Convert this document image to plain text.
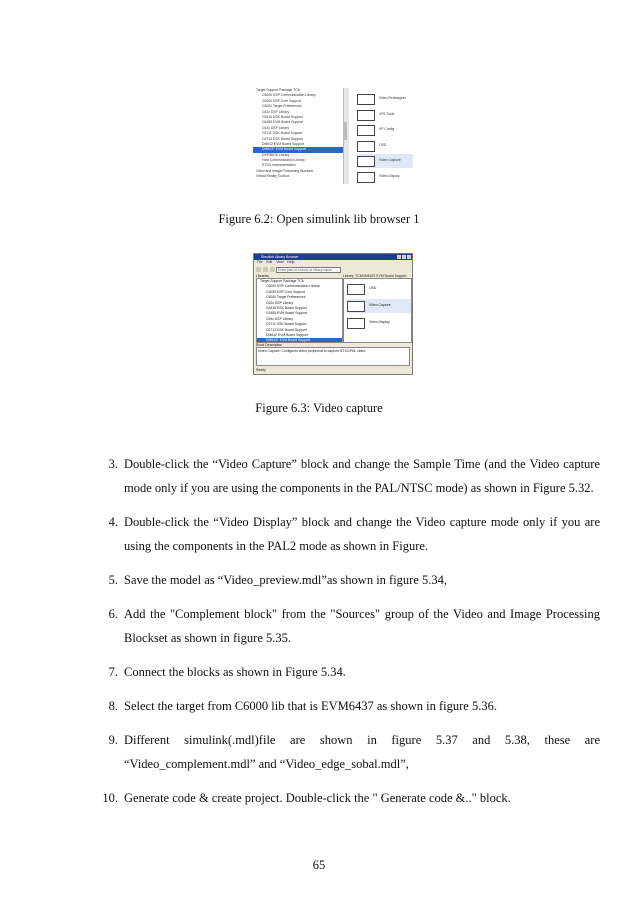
Target Support Package TC6
C6000 DSP Communication Library
C6000 DSP Core Support
C6000 Target Preferences
C62x DSP Library
C6416 DSK Board Support
C6455 EVM Board Support
C64x DSP Library
C6711 DSK Board Support
C6713 DSK Board Support
DM642 EVM Board Support
DM6437 EVM Board Support
DSP/BIOS Library
Host Communication Library
RTDX Instrumentation
Video and Image Processing Blockset
Virtual Reality Toolbox
Video Redesigner
VP6 Tools
VP Config
OSD
Video Capture
Video Display
Figure 6.2: Open simulink lib browser 1
Simulink Library Browser
File Edit View Help
Enter part of a block or library name
Libraries	Library: TC6/DM6437 EVM Board Support
Target Support Package TC6
C6000 DSP Communication Library
C6000 DSP Core Support
C6000 Target Preferences
C62x DSP Library
C6416 DSK Board Support
C6455 EVM Board Support
C64x DSP Library
C6711 DSK Board Support
C6713 DSK Board Support
DM642 EVM Board Support
DM6437 EVM Board Support
OSD
Video Capture
Video Display
Block Description
Video Capture: Configures video peripheral to capture NTSC/PAL video.
Ready
Figure 6.3: Video capture
3. Double-click the “Video Capture” block and change the Sample Time (and the Video capture mode only if you are using the components in the PAL/NTSC mode) as shown in Figure 5.32.
4. Double-click the “Video Display” block and change the Video capture mode only if you are using the components in the PAL2 mode as shown in Figure.
5. Save the model as “Video_preview.mdl”as shown in figure 5.34,
6. Add the "Complement block" from the "Sources" group of the Video and Image Processing Blockset as shown in figure 5.35.
7. Connect the blocks as shown in Figure 5.34.
8. Select the target from C6000 lib that is EVM6437 as shown in figure 5.36.
9. Different simulink(.mdl)file are shown in figure 5.37 and 5.38, these are “Video_complement.mdl” and “Video_edge_sobal.mdl”,
10. Generate code & create project. Double-click the " Generate code &.." block.
65
